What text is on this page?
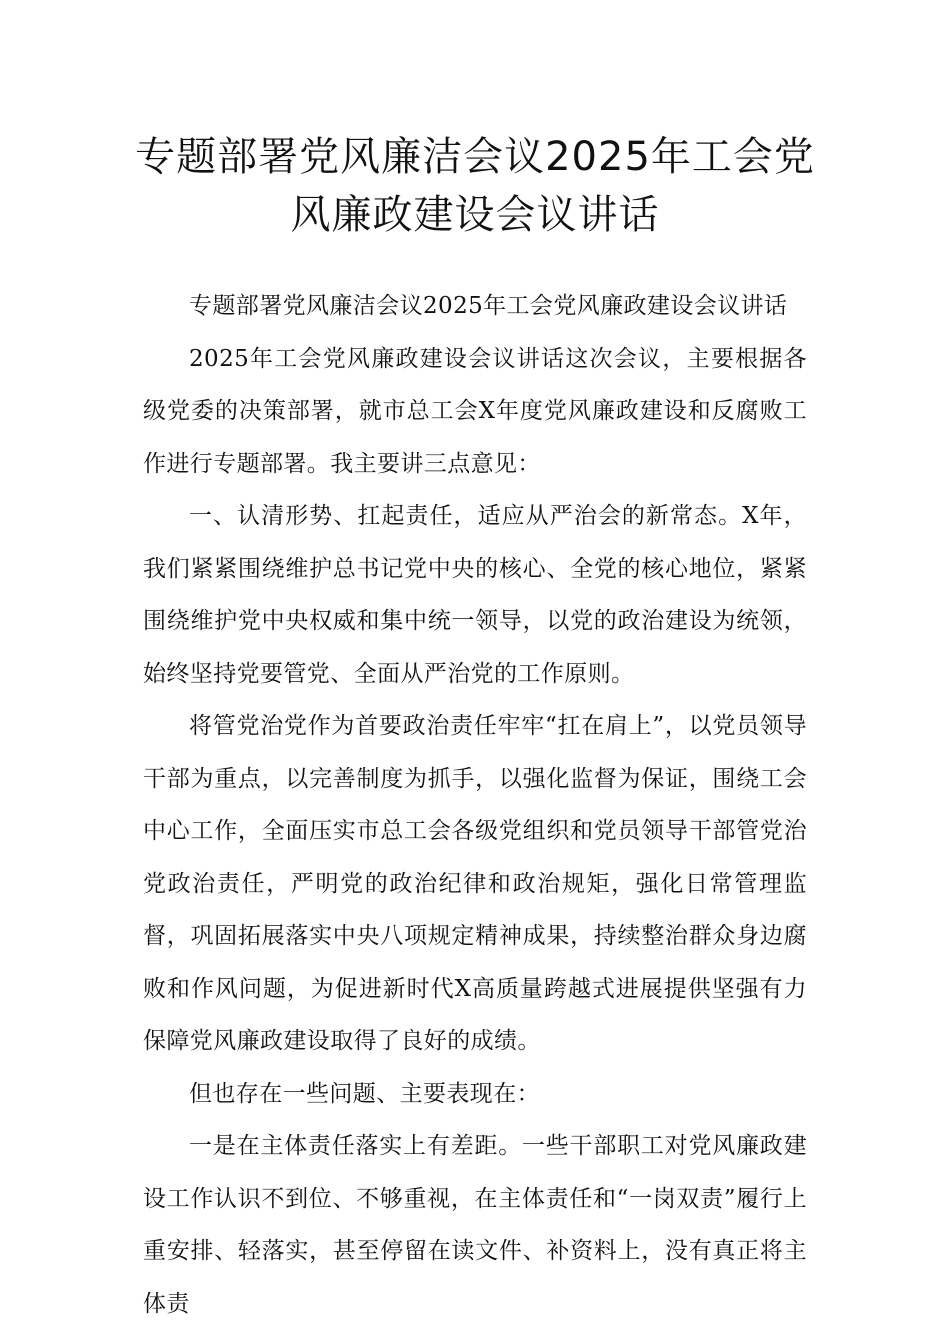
专题部署党风廉洁会议2025年工会党
风廉政建设会议讲话

专题部署党风廉洁会议2025年工会党风廉政建设会议讲话

2025年工会党风廉政建设会议讲话这次会议，主要根据各级党委的决策部署，就市总工会X年度党风廉政建设和反腐败工作进行专题部署。我主要讲三点意见：

一、认清形势、扛起责任，适应从严治会的新常态。X年，我们紧紧围绕维护总书记党中央的核心、全党的核心地位，紧紧围绕维护党中央权威和集中统一领导，以党的政治建设为统领，始终坚持党要管党、全面从严治党的工作原则。

将管党治党作为首要政治责任牢牢“扛在肩上”，以党员领导干部为重点，以完善制度为抓手，以强化监督为保证，围绕工会中心工作，全面压实市总工会各级党组织和党员领导干部管党治党政治责任，严明党的政治纪律和政治规矩，强化日常管理监督，巩固拓展落实中央八项规定精神成果，持续整治群众身边腐败和作风问题，为促进新时代X高质量跨越式进展提供坚强有力保障党风廉政建设取得了良好的成绩。

但也存在一些问题、主要表现在：

一是在主体责任落实上有差距。一些干部职工对党风廉政建设工作认识不到位、不够重视，在主体责任和“一岗双责”履行上重安排、轻落实，甚至停留在读文件、补资料上，没有真正将主体责
